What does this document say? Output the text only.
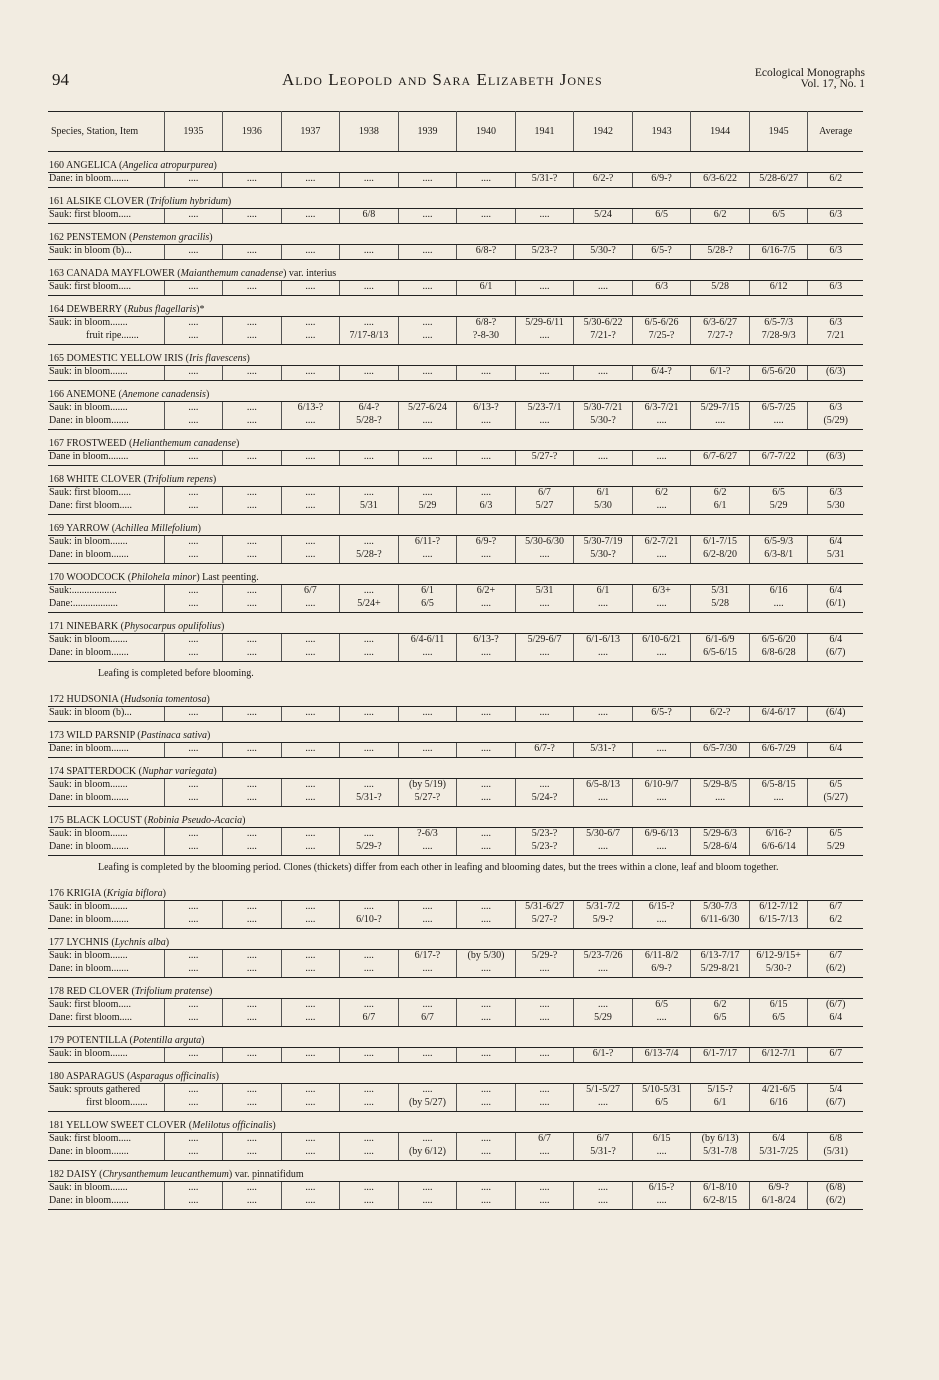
94	Aldo Leopold and Sara Elizabeth Jones	Ecological Monographs
Vol. 17, No. 1
Species, Station, Item	1935	1936	1937	1938	1939	1940	1941	1942	1943	1944	1945	Average
160 ANGELICA (Angelica atropurpurea)												
Dane: in bloom.......	....	....	....	....	....	....	5/31-?	6/2-?	6/9-?	6/3-6/22	5/28-6/27	6/2
161 ALSIKE CLOVER (Trifolium hybridum)												
Sauk: first bloom.....	....	....	....	6/8	....	....	....	5/24	6/5	6/2	6/5	6/3
162 PENSTEMON (Penstemon gracilis)												
Sauk: in bloom (b)...	....	....	....	....	....	6/8-?	5/23-?	5/30-?	6/5-?	5/28-?	6/16-7/5	6/3
163 CANADA MAYFLOWER (Maianthemum canadense) var. interius												
Sauk: first bloom.....	....	....	....	....	....	6/1	....	....	6/3	5/28	6/12	6/3
164 DEWBERRY (Rubus flagellaris)*												
Sauk: in bloom.......	....	....	....	....	....	6/8-?	5/29-6/11	5/30-6/22	6/5-6/26	6/3-6/27	6/5-7/3	6/3
fruit ripe.......	....	....	....	7/17-8/13	....	?-8-30	....	7/21-?	7/25-?	7/27-?	7/28-9/3	7/21
165 DOMESTIC YELLOW IRIS (Iris flavescens)												
Sauk: in bloom.......	....	....	....	....	....	....	....	....	6/4-?	6/1-?	6/5-6/20	(6/3)
166 ANEMONE (Anemone canadensis)												
Sauk: in bloom.......	....	....	6/13-?	6/4-?	5/27-6/24	6/13-?	5/23-7/1	5/30-7/21	6/3-7/21	5/29-7/15	6/5-7/25	6/3
Dane: in bloom.......	....	....	....	5/28-?	....	....	....	5/30-?	....	....	....	(5/29)
167 FROSTWEED (Helianthemum canadense)												
Dane in bloom........	....	....	....	....	....	....	5/27-?	....	....	6/7-6/27	6/7-7/22	(6/3)
168 WHITE CLOVER (Trifolium repens)												
Sauk: first bloom.....	....	....	....	....	....	....	6/7	6/1	6/2	6/2	6/5	6/3
Dane: first bloom.....	....	....	....	5/31	5/29	6/3	5/27	5/30	....	6/1	5/29	5/30
169 YARROW (Achillea Millefolium)												
Sauk: in bloom.......	....	....	....	....	6/11-?	6/9-?	5/30-6/30	5/30-7/19	6/2-7/21	6/1-7/15	6/5-9/3	6/4
Dane: in bloom.......	....	....	....	5/28-?	....	....	....	5/30-?	....	6/2-8/20	6/3-8/1	5/31
170 WOODCOCK (Philohela minor) Last peenting.												
Sauk:..................	....	....	6/7	....	6/1	6/2+	5/31	6/1	6/3+	5/31	6/16	6/4
Dane:..................	....	....	....	5/24+	6/5	....	....	....	....	5/28	....	(6/1)
171 NINEBARK (Physocarpus opulifolius)												
Sauk: in bloom.......	....	....	....	....	6/4-6/11	6/13-?	5/29-6/7	6/1-6/13	6/10-6/21	6/1-6/9	6/5-6/20	6/4
Dane: in bloom.......	....	....	....	....	....	....	....	....	....	6/5-6/15	6/8-6/28	(6/7)
Leafing is completed before blooming.												
172 HUDSONIA (Hudsonia tomentosa)												
Sauk: in bloom (b)...	....	....	....	....	....	....	....	....	6/5-?	6/2-?	6/4-6/17	(6/4)
173 WILD PARSNIP (Pastinaca sativa)												
Dane: in bloom.......	....	....	....	....	....	....	6/7-?	5/31-?	....	6/5-7/30	6/6-7/29	6/4
174 SPATTERDOCK (Nuphar variegata)												
Sauk: in bloom.......	....	....	....	....	(by 5/19)	....	....	6/5-8/13	6/10-9/7	5/29-8/5	6/5-8/15	6/5
Dane: in bloom.......	....	....	....	5/31-?	5/27-?	....	5/24-?	....	....	....	....	(5/27)
175 BLACK LOCUST (Robinia Pseudo-Acacia)												
Sauk: in bloom.......	....	....	....	....	?-6/3	....	5/23-?	5/30-6/7	6/9-6/13	5/29-6/3	6/16-?	6/5
Dane: in bloom.......	....	....	....	5/29-?	....	....	5/23-?	....	....	5/28-6/4	6/6-6/14	5/29
Leafing is completed by the blooming period. Clones (thickets) differ from each other in leafing and blooming dates, but the trees within a clone, leaf and bloom together.												
176 KRIGIA (Krigia biflora)												
Sauk: in bloom.......	....	....	....	....	....	....	5/31-6/27	5/31-7/2	6/15-?	5/30-7/3	6/12-7/12	6/7
Dane: in bloom.......	....	....	....	6/10-?	....	....	5/27-?	5/9-?	....	6/11-6/30	6/15-7/13	6/2
177 LYCHNIS (Lychnis alba)												
Sauk: in bloom.......	....	....	....	....	6/17-?	(by 5/30)	5/29-?	5/23-7/26	6/11-8/2	6/13-7/17	6/12-9/15+	6/7
Dane: in bloom.......	....	....	....	....	....	....	....	....	6/9-?	5/29-8/21	5/30-?	(6/2)
178 RED CLOVER (Trifolium pratense)												
Sauk: first bloom.....	....	....	....	....	....	....	....	....	6/5	6/2	6/15	(6/7)
Dane: first bloom.....	....	....	....	6/7	6/7	....	....	5/29	....	6/5	6/5	6/4
179 POTENTILLA (Potentilla arguta)												
Sauk: in bloom.......	....	....	....	....	....	....	....	6/1-?	6/13-7/4	6/1-7/17	6/12-7/1	6/7
180 ASPARAGUS (Asparagus officinalis)												
Sauk: sprouts gathered	....	....	....	....	....	....	....	5/1-5/27	5/10-5/31	5/15-?	4/21-6/5	5/4
first bloom.......	....	....	....	....	(by 5/27)	....	....	....	6/5	6/1	6/16	(6/7)
181 YELLOW SWEET CLOVER (Melilotus officinalis)												
Sauk: first bloom.....	....	....	....	....	....	....	6/7	6/7	6/15	(by 6/13)	6/4	6/8
Dane: in bloom.......	....	....	....	....	(by 6/12)	....	....	5/31-?	....	5/31-7/8	5/31-7/25	(5/31)
182 DAISY (Chrysanthemum leucanthemum) var. pinnatifidum												
Sauk: in bloom.......	....	....	....	....	....	....	....	....	6/15-?	6/1-8/10	6/9-?	(6/8)
Dane: in bloom.......	....	....	....	....	....	....	....	....	....	6/2-8/15	6/1-8/24	(6/2)
